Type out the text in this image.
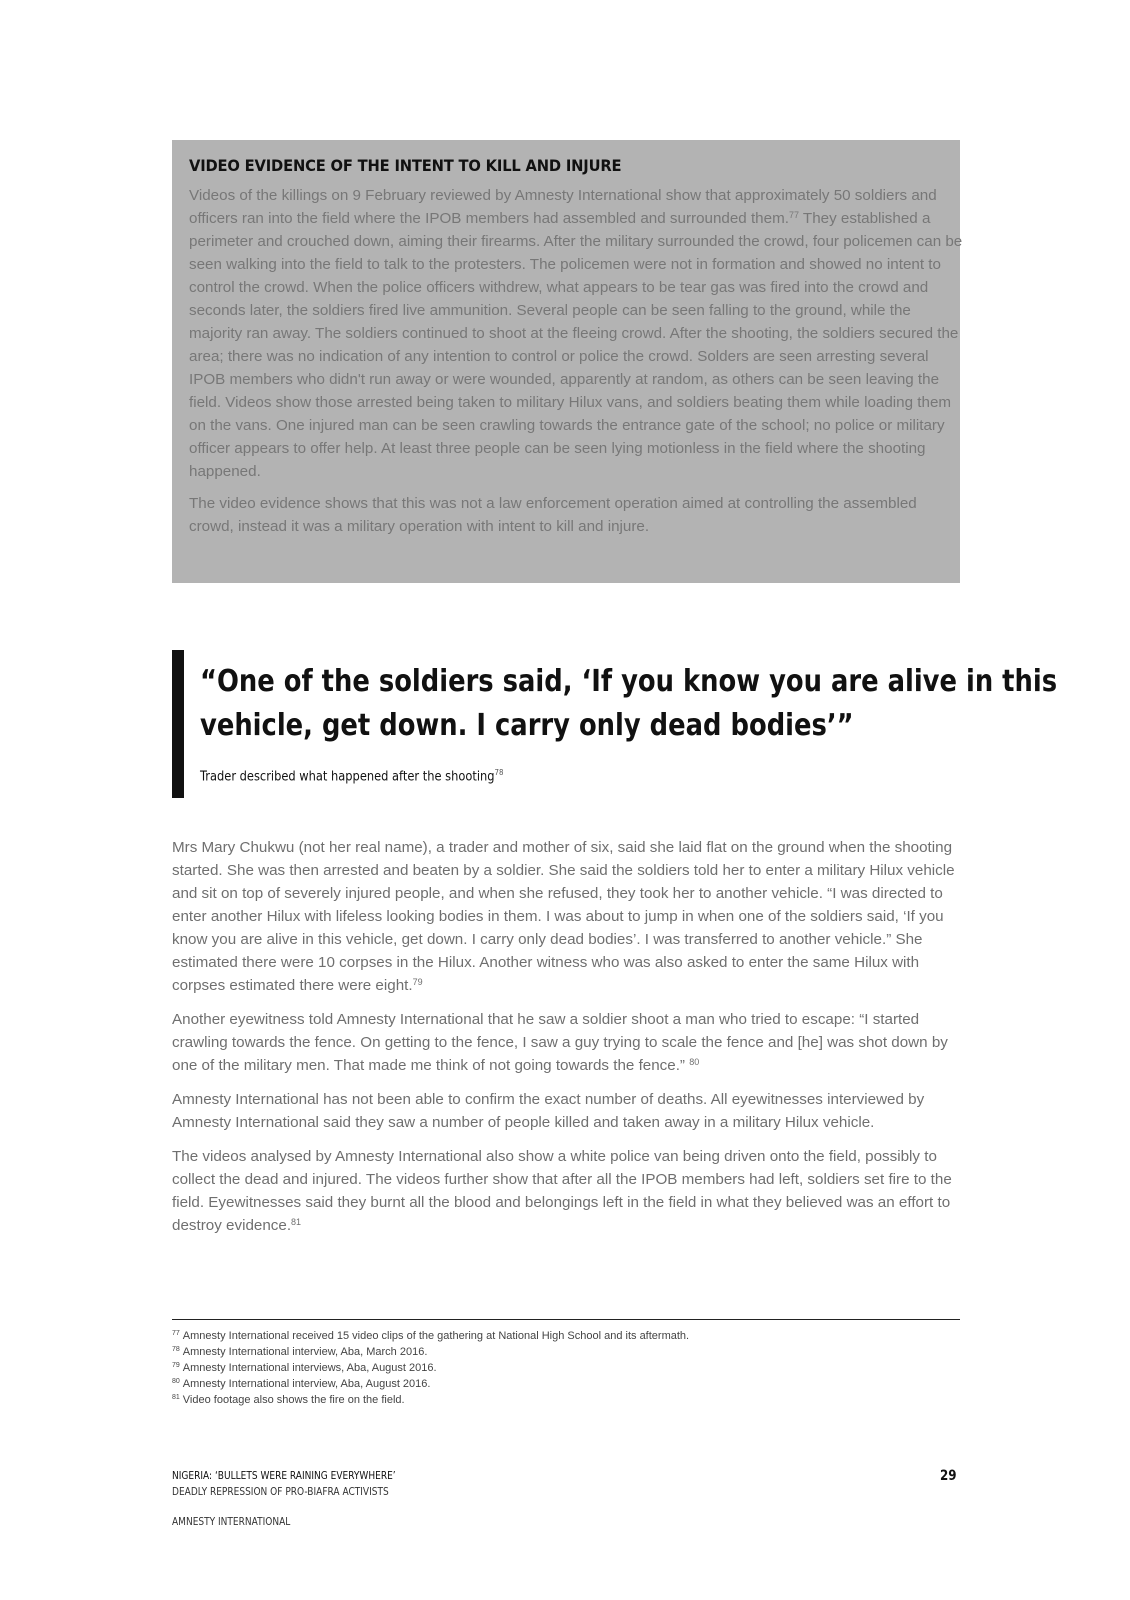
VIDEO EVIDENCE OF THE INTENT TO KILL AND INJURE

Videos of the killings on 9 February reviewed by Amnesty International show that approximately 50 soldiers and officers ran into the field where the IPOB members had assembled and surrounded them.$^{77}$ They established a perimeter and crouched down, aiming their firearms. After the military surrounded the crowd, four policemen can be seen walking into the field to talk to the protesters. The policemen were not in formation and showed no intent to control the crowd. When the police officers withdrew, what appears to be tear gas was fired into the crowd and seconds later, the soldiers fired live ammunition. Several people can be seen falling to the ground, while the majority ran away. The soldiers continued to shoot at the fleeing crowd. After the shooting, the soldiers secured the area; there was no indication of any intention to control or police the crowd. Solders are seen arresting several IPOB members who didn't run away or were wounded, apparently at random, as others can be seen leaving the field. Videos show those arrested being taken to military Hilux vans, and soldiers beating them while loading them on the vans. One injured man can be seen crawling towards the entrance gate of the school; no police or military officer appears to offer help. At least three people can be seen lying motionless in the field where the shooting happened.

The video evidence shows that this was not a law enforcement operation aimed at controlling the assembled crowd, instead it was a military operation with intent to kill and injure.

“One of the soldiers said, ‘If you know you are alive in this
vehicle, get down. I carry only dead bodies’”
Trader described what happened after the shooting$^{78}$

Mrs Mary Chukwu (not her real name), a trader and mother of six, said she laid flat on the ground when the shooting started. She was then arrested and beaten by a soldier. She said the soldiers told her to enter a military Hilux vehicle and sit on top of severely injured people, and when she refused, they took her to another vehicle. “I was directed to enter another Hilux with lifeless looking bodies in them. I was about to jump in when one of the soldiers said, ‘If you know you are alive in this vehicle, get down. I carry only dead bodies’. I was transferred to another vehicle.” She estimated there were 10 corpses in the Hilux. Another witness who was also asked to enter the same Hilux with corpses estimated there were eight.$^{79}$

Another eyewitness told Amnesty International that he saw a soldier shoot a man who tried to escape: “I started crawling towards the fence. On getting to the fence, I saw a guy trying to scale the fence and [he] was shot down by one of the military men. That made me think of not going towards the fence.” $^{80}$

Amnesty International has not been able to confirm the exact number of deaths. All eyewitnesses interviewed by Amnesty International said they saw a number of people killed and taken away in a military Hilux vehicle.

The videos analysed by Amnesty International also show a white police van being driven onto the field, possibly to collect the dead and injured. The videos further show that after all the IPOB members had left, soldiers set fire to the field. Eyewitnesses said they burnt all the blood and belongings left in the field in what they believed was an effort to destroy evidence.$^{81}$

$^{77}$ Amnesty International received 15 video clips of the gathering at National High School and its aftermath.
$^{78}$ Amnesty International interview, Aba, March 2016.
$^{79}$ Amnesty International interviews, Aba, August 2016.
$^{80}$ Amnesty International interview, Aba, August 2016.
$^{81}$ Video footage also shows the fire on the field.
NIGERIA: ‘BULLETS WERE RAINING EVERYWHERE’
DEADLY REPRESSION OF PRO-BIAFRA ACTIVISTS
AMNESTY INTERNATIONAL
29
